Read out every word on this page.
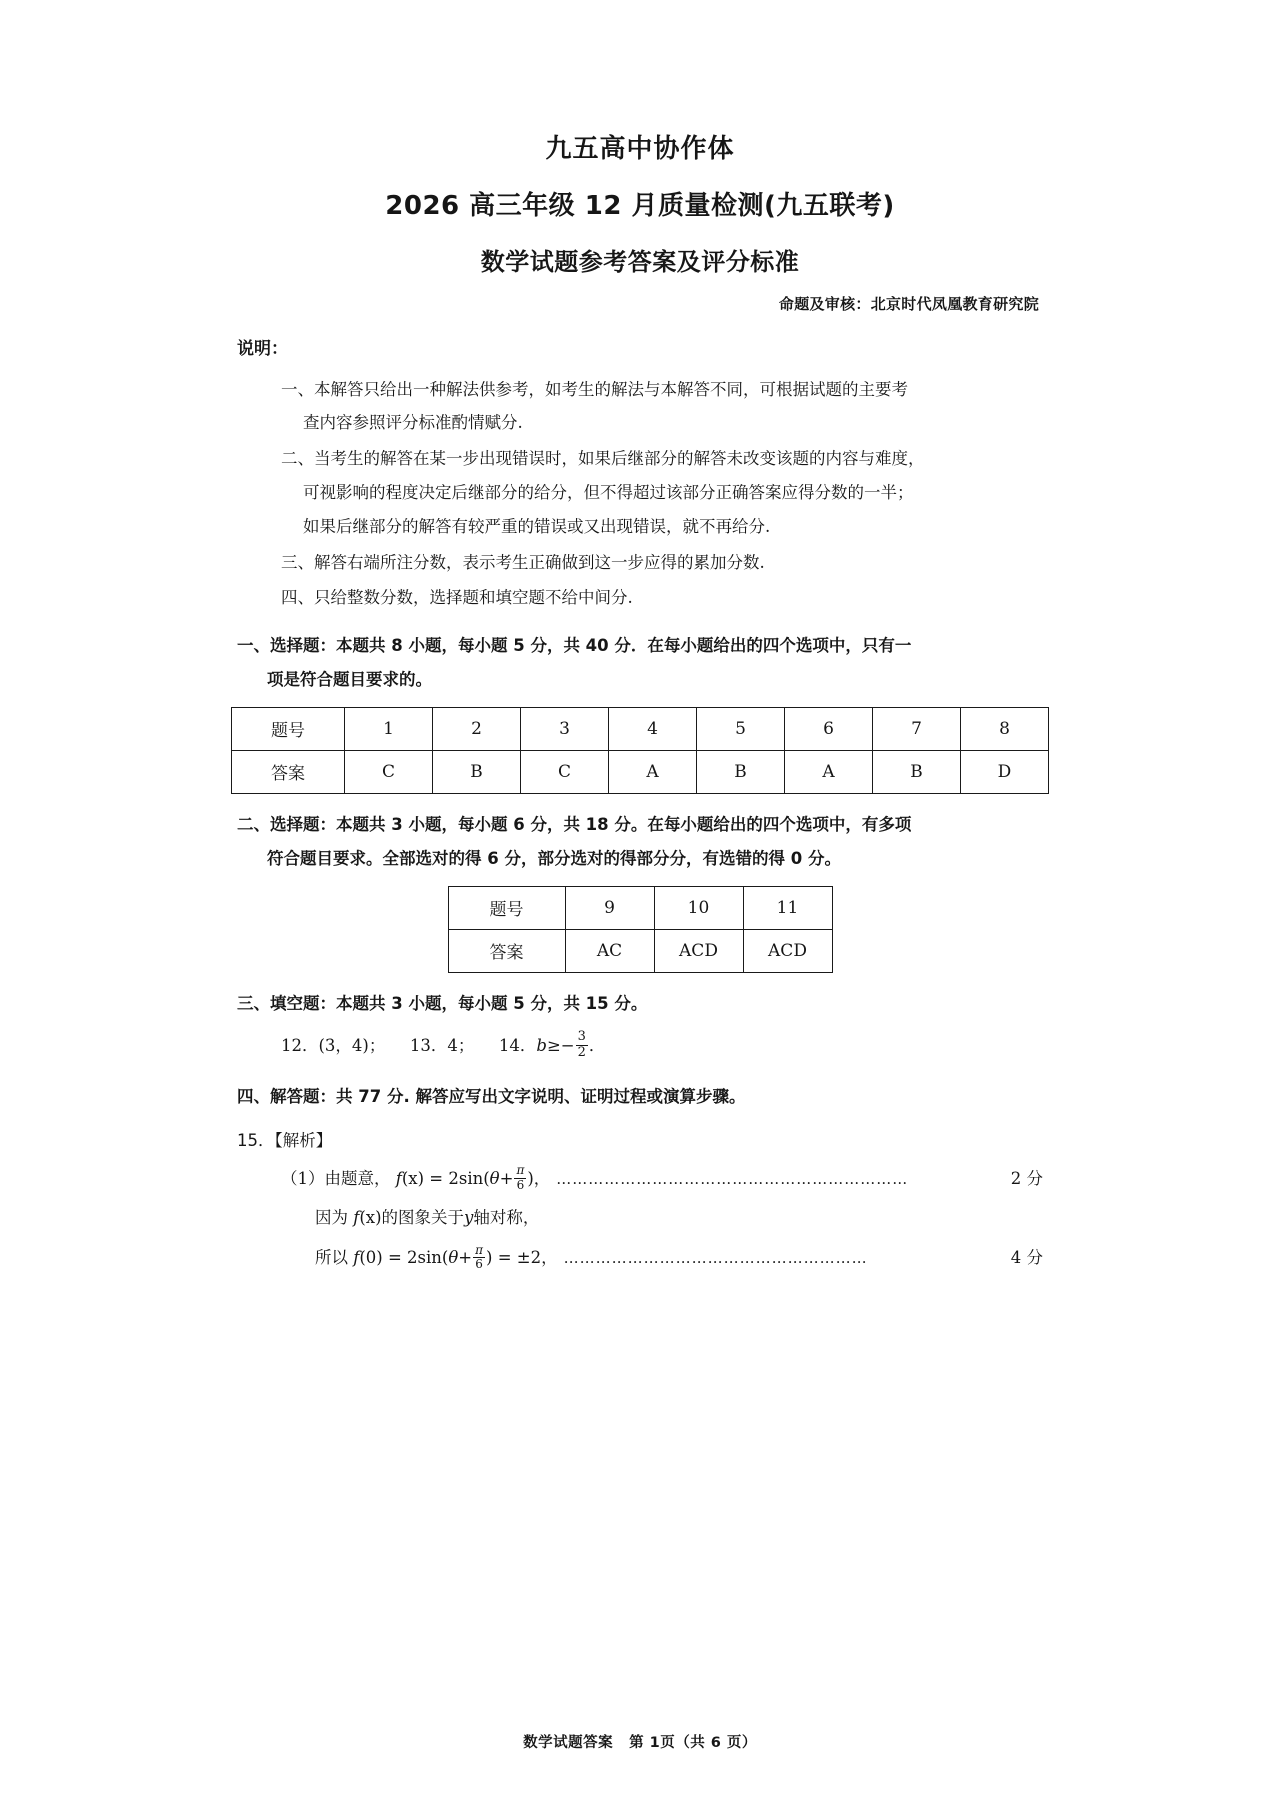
九五高中协作体
2026 高三年级 12 月质量检测(九五联考)
数学试题参考答案及评分标准
命题及审核：北京时代凤凰教育研究院
说明：
一、本解答只给出一种解法供参考，如考生的解法与本解答不同，可根据试题的主要考
查内容参照评分标准酌情赋分.
二、当考生的解答在某一步出现错误时，如果后继部分的解答未改变该题的内容与难度，
可视影响的程度决定后继部分的给分，但不得超过该部分正确答案应得分数的一半；
如果后继部分的解答有较严重的错误或又出现错误，就不再给分.
三、解答右端所注分数，表示考生正确做到这一步应得的累加分数.
四、只给整数分数，选择题和填空题不给中间分.
一、选择题：本题共 8 小题，每小题 5 分，共 40 分．在每小题给出的四个选项中，只有一
项是符合题目要求的。
题号	1	2	3	4	5	6	7	8
答案	C	B	C	A	B	A	B	D
二、选择题：本题共 3 小题，每小题 6 分，共 18 分。在每小题给出的四个选项中，有多项
符合题目要求。全部选对的得 6 分，部分选对的得部分分，有选错的得 0 分。
题号	9	10	11
答案	AC	ACD	ACD
三、填空题：本题共 3 小题，每小题 5 分，共 15 分。
12．(3，4)； 13．4； 14．$b\ge- \frac{3}{2}$ ．
四、解答题：共 77 分. 解答应写出文字说明、证明过程或演算步骤。
15．【解析】
（1）由题意， $f(x) = 2\sin(\theta+ \frac{\pi}{6}$ )， …………………………………………………………	2 分
因为 f(x)的图象关于y轴对称，
所以 $f(0) = 2\sin(\theta+ \frac{\pi}{6}$ ) = ±2， …………………………………………………	4 分
数学试题答案 第 1页（共 6 页）
